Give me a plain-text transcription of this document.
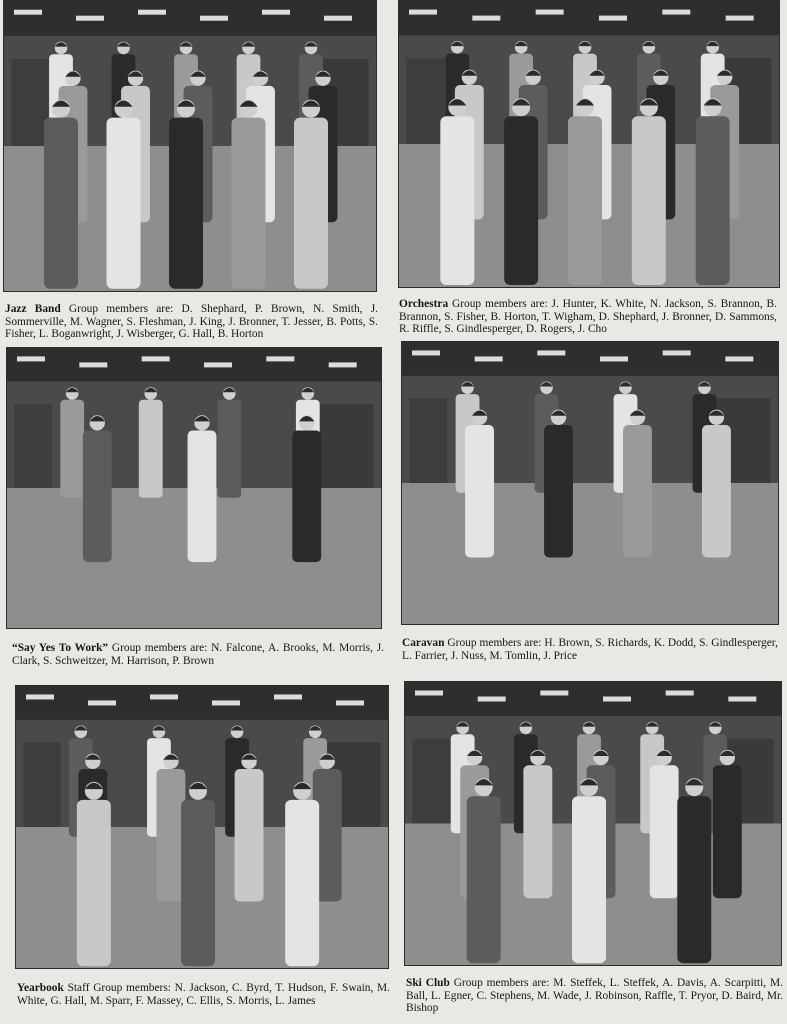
Jazz Band Group members are: D. Shephard, P. Brown, N. Smith, J. Sommerville, M. Wagner, S. Fleshman, J. King, J. Bronner, T. Jesser, B. Potts, S. Fisher, L. Boganwright, J. Wisberger, G. Hall, B. Horton
Orchestra Group members are: J. Hunter, K. White, N. Jackson, S. Brannon, B. Brannon, S. Fisher, B. Horton, T. Wigham, D. Shephard, J. Bronner, D. Sammons, R. Riffle, S. Gindlesperger, D. Rogers, J. Cho
“Say Yes To Work” Group members are: N. Falcone, A. Brooks, M. Morris, J. Clark, S. Schweitzer, M. Harrison, P. Brown
Caravan Group members are: H. Brown, S. Richards, K. Dodd, S. Gindlesperger, L. Farrier, J. Nuss, M. Tomlin, J. Price
Yearbook Staff Group members: N. Jackson, C. Byrd, T. Hudson, F. Swain, M. White, G. Hall, M. Sparr, F. Massey, C. Ellis, S. Morris, L. James
Ski Club Group members are: M. Steffek, L. Steffek, A. Davis, A. Scarpitti, M. Ball, L. Egner, C. Stephens, M. Wade, J. Robinson, Raffle, T. Pryor, D. Baird, Mr. Bishop
